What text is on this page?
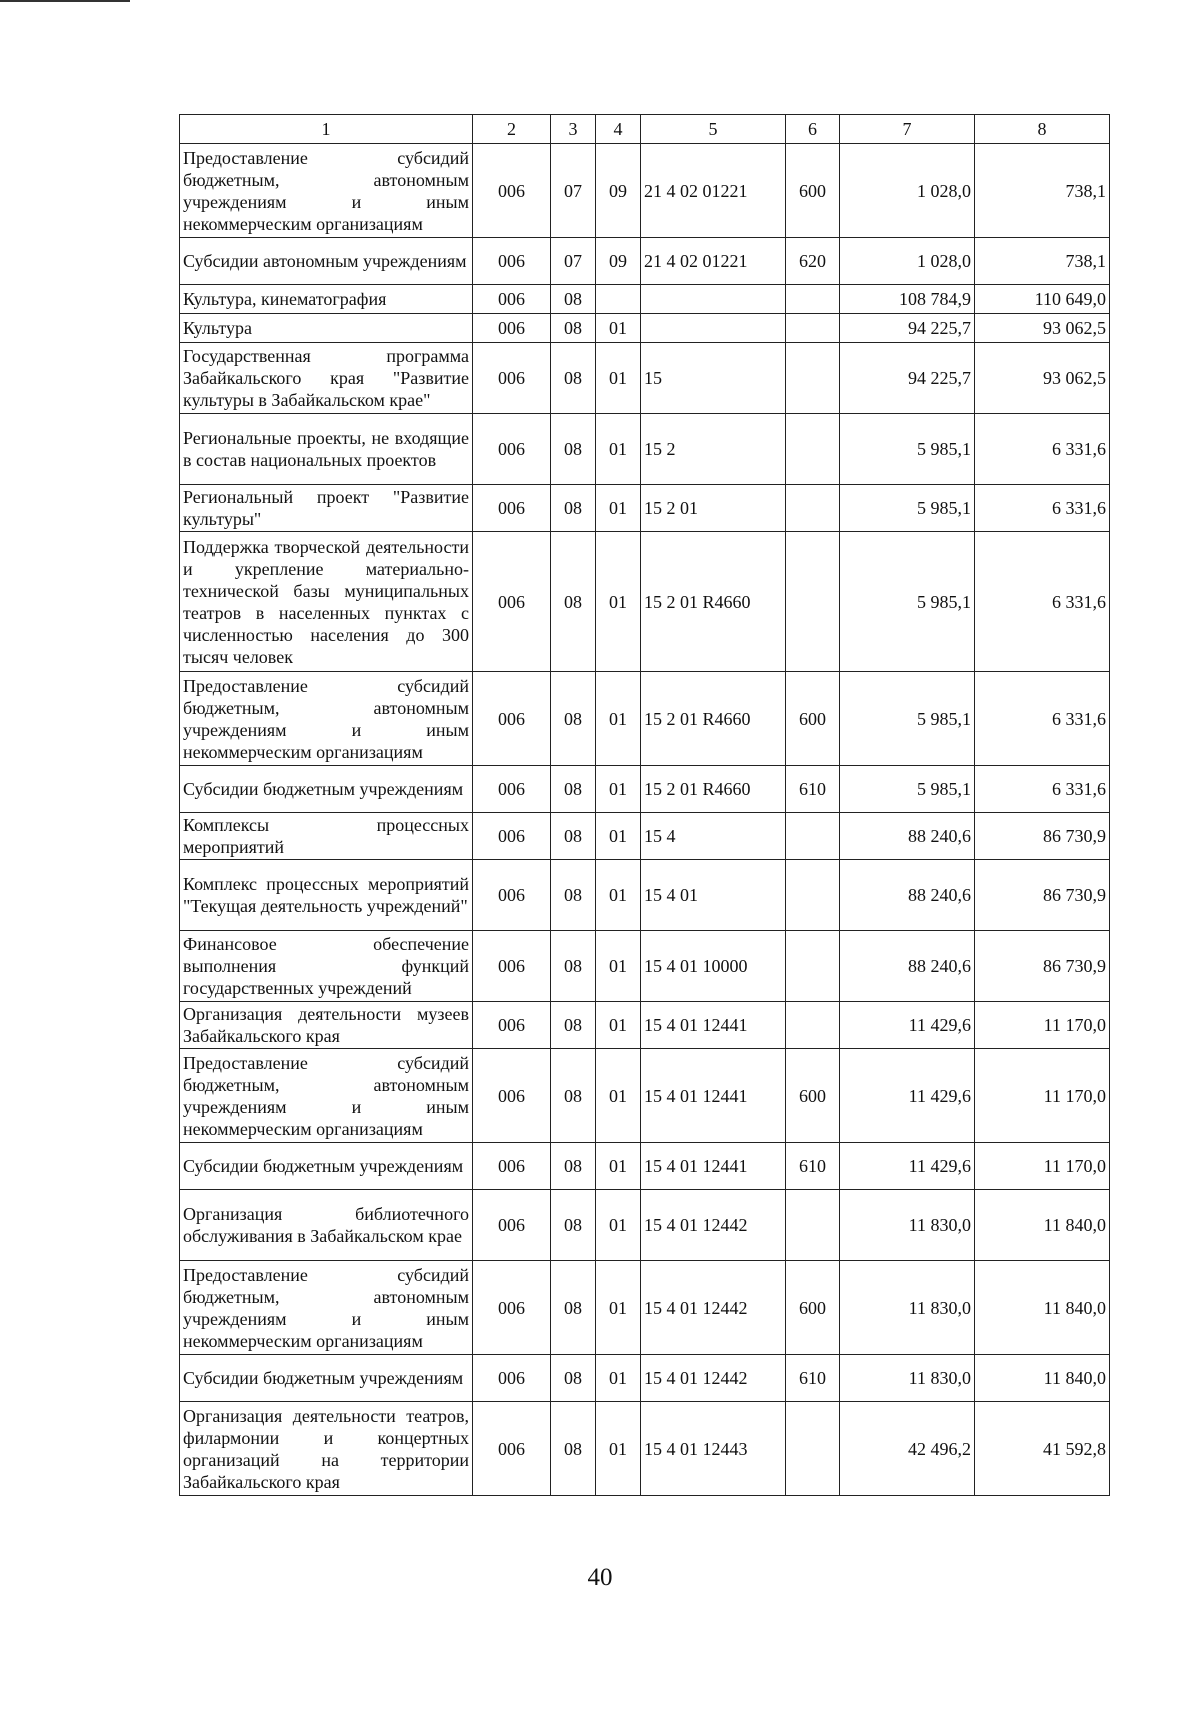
1	2	3	4	5	6	7	8
Предоставление субсидий бюджетным, автономным учреждениям и иным некоммерческим организациям	006	07	09	21 4 02 01221	600	1 028,0	738,1
Субсидии автономным учреждениям	006	07	09	21 4 02 01221	620	1 028,0	738,1
Культура, кинематография	006	08				108 784,9	110 649,0
Культура	006	08	01			94 225,7	93 062,5
Государственная программа Забайкальского края "Развитие культуры в Забайкальском крае"	006	08	01	15		94 225,7	93 062,5
Региональные проекты, не входящие в состав национальных проектов	006	08	01	15 2		5 985,1	6 331,6
Региональный проект "Развитие культуры"	006	08	01	15 2 01		5 985,1	6 331,6
Поддержка творческой деятельности и укрепление материально-технической базы муниципальных театров в населенных пунктах с численностью населения до 300 тысяч человек	006	08	01	15 2 01 R4660		5 985,1	6 331,6
Предоставление субсидий бюджетным, автономным учреждениям и иным некоммерческим организациям	006	08	01	15 2 01 R4660	600	5 985,1	6 331,6
Субсидии бюджетным учреждениям	006	08	01	15 2 01 R4660	610	5 985,1	6 331,6
Комплексы процессных мероприятий	006	08	01	15 4		88 240,6	86 730,9
Комплекс процессных мероприятий "Текущая деятельность учреждений"	006	08	01	15 4 01		88 240,6	86 730,9
Финансовое обеспечение выполнения функций государственных учреждений	006	08	01	15 4 01 10000		88 240,6	86 730,9
Организация деятельности музеев Забайкальского края	006	08	01	15 4 01 12441		11 429,6	11 170,0
Предоставление субсидий бюджетным, автономным учреждениям и иным некоммерческим организациям	006	08	01	15 4 01 12441	600	11 429,6	11 170,0
Субсидии бюджетным учреждениям	006	08	01	15 4 01 12441	610	11 429,6	11 170,0
Организация библиотечного обслуживания в Забайкальском крае	006	08	01	15 4 01 12442		11 830,0	11 840,0
Предоставление субсидий бюджетным, автономным учреждениям и иным некоммерческим организациям	006	08	01	15 4 01 12442	600	11 830,0	11 840,0
Субсидии бюджетным учреждениям	006	08	01	15 4 01 12442	610	11 830,0	11 840,0
Организация деятельности театров, филармонии и концертных организаций на территории Забайкальского края	006	08	01	15 4 01 12443		42 496,2	41 592,8
40
